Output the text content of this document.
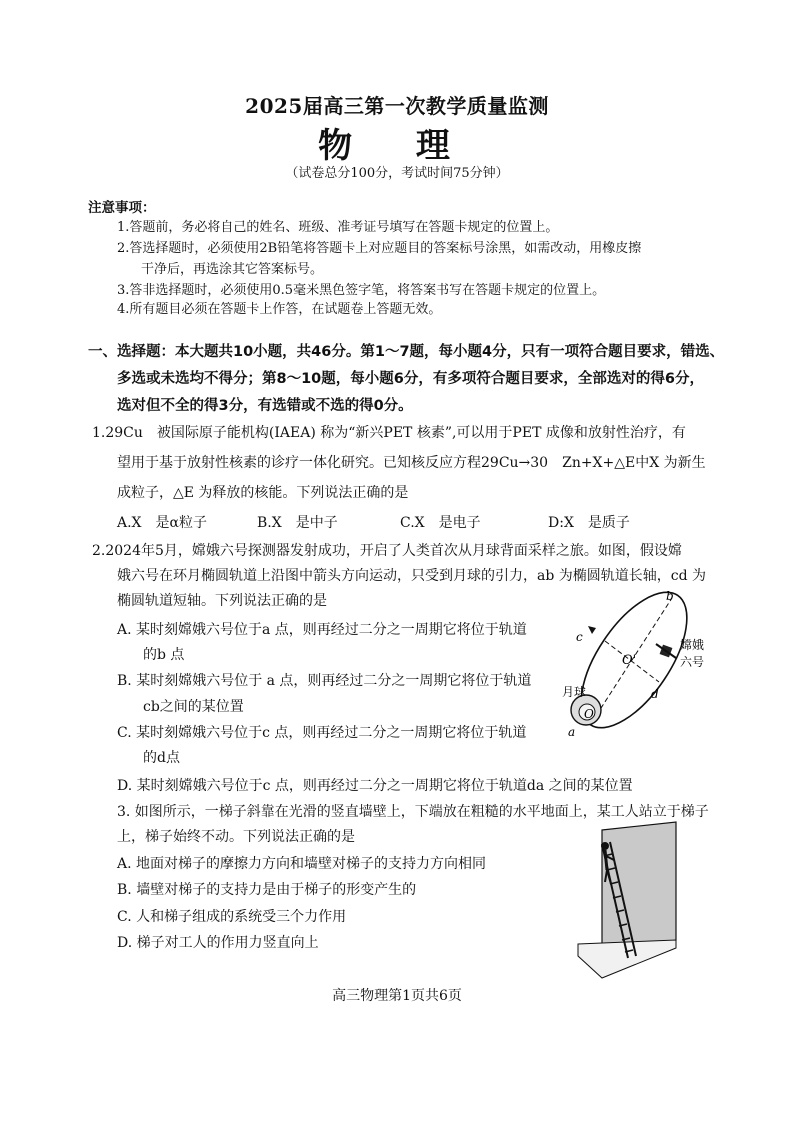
2025届高三第一次教学质量监测
物 理
（试卷总分100分，考试时间75分钟）
注意事项：
1.答题前，务必将自己的姓名、班级、准考证号填写在答题卡规定的位置上。
2.答选择题时，必须使用2B铅笔将答题卡上对应题目的答案标号涂黑，如需改动，用橡皮擦
干净后，再选涂其它答案标号。
3.答非选择题时，必须使用0.5毫米黑色签字笔，将答案书写在答题卡规定的位置上。
4.所有题目必须在答题卡上作答，在试题卷上答题无效。
一、选择题：本大题共10小题，共46分。第1～7题，每小题4分，只有一项符合题目要求，错选、
多选或未选均不得分；第8～10题，每小题6分，有多项符合题目要求，全部选对的得6分，
选对但不全的得3分，有选错或不选的得0分。
1.29Cu　被国际原子能机构(IAEA) 称为“新兴PET 核素”,可以用于PET 成像和放射性治疗，有
望用于基于放射性核素的诊疗一体化研究。已知核反应方程29Cu→30　Zn+X+△E中X 为新生
成粒子，△E 为释放的核能。下列说法正确的是
A.X　是α粒子	B.X　是中子	C.X　是电子	D:X　是质子
2.2024年5月，嫦娥六号探测器发射成功，开启了人类首次从月球背面采样之旅。如图，假设嫦
娥六号在环月椭圆轨道上沿图中箭头方向运动，只受到月球的引力，ab 为椭圆轨道长轴，cd 为
椭圆轨道短轴。下列说法正确的是
A. 某时刻嫦娥六号位于a 点，则再经过二分之一周期它将位于轨道
的b 点
B. 某时刻嫦娥六号位于 a 点，则再经过二分之一周期它将位于轨道
cb之间的某位置
C. 某时刻嫦娥六号位于c 点，则再经过二分之一周期它将位于轨道
的d点
D. 某时刻嫦娥六号位于c 点，则再经过二分之一周期它将位于轨道da 之间的某位置
b
c
d
a
O'
O
月球
嫦娥
六号
3. 如图所示，一梯子斜靠在光滑的竖直墙壁上，下端放在粗糙的水平地面上，某工人站立于梯子
上，梯子始终不动。下列说法正确的是
A. 地面对梯子的摩擦力方向和墙壁对梯子的支持力方向相同
B. 墙壁对梯子的支持力是由于梯子的形变产生的
C. 人和梯子组成的系统受三个力作用
D. 梯子对工人的作用力竖直向上
高三物理第1页共6页
